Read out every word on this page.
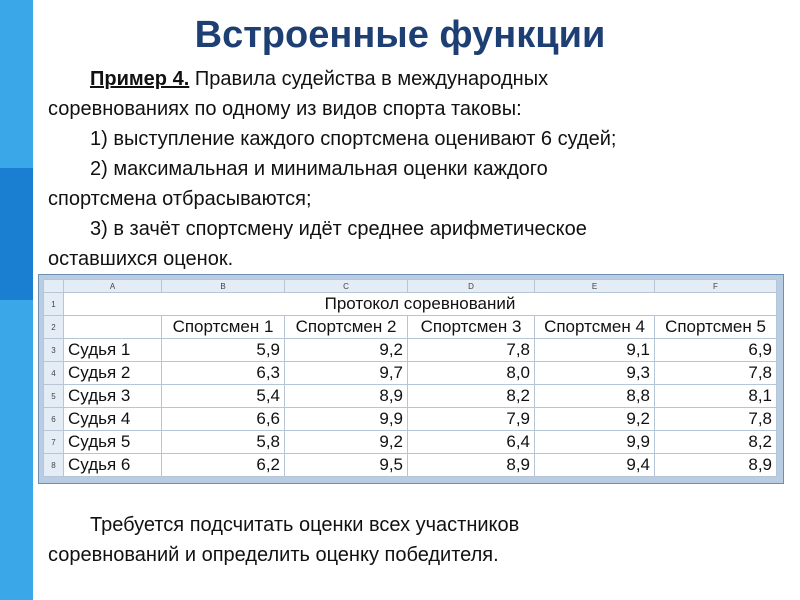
Встроенные функции
Пример 4. Правила судейства в международных
соревнованиях по одному из видов спорта таковы:
1) выступление каждого спортсмена оценивают 6 судей;
2) максимальная и минимальная оценки каждого
спортсмена отбрасываются;
3) в зачёт спортсмену идёт среднее арифметическое
оставшихся оценок.
	A	B	C	D	E	F
1	Протокол соревнований					
2		Спортсмен 1	Спортсмен 2	Спортсмен 3	Спортсмен 4	Спортсмен 5
3	Судья 1	5,9	9,2	7,8	9,1	6,9
4	Судья 2	6,3	9,7	8,0	9,3	7,8
5	Судья 3	5,4	8,9	8,2	8,8	8,1
6	Судья 4	6,6	9,9	7,9	9,2	7,8
7	Судья 5	5,8	9,2	6,4	9,9	8,2
8	Судья 6	6,2	9,5	8,9	9,4	8,9
Требуется подсчитать оценки всех участников
соревнований и определить оценку победителя.
